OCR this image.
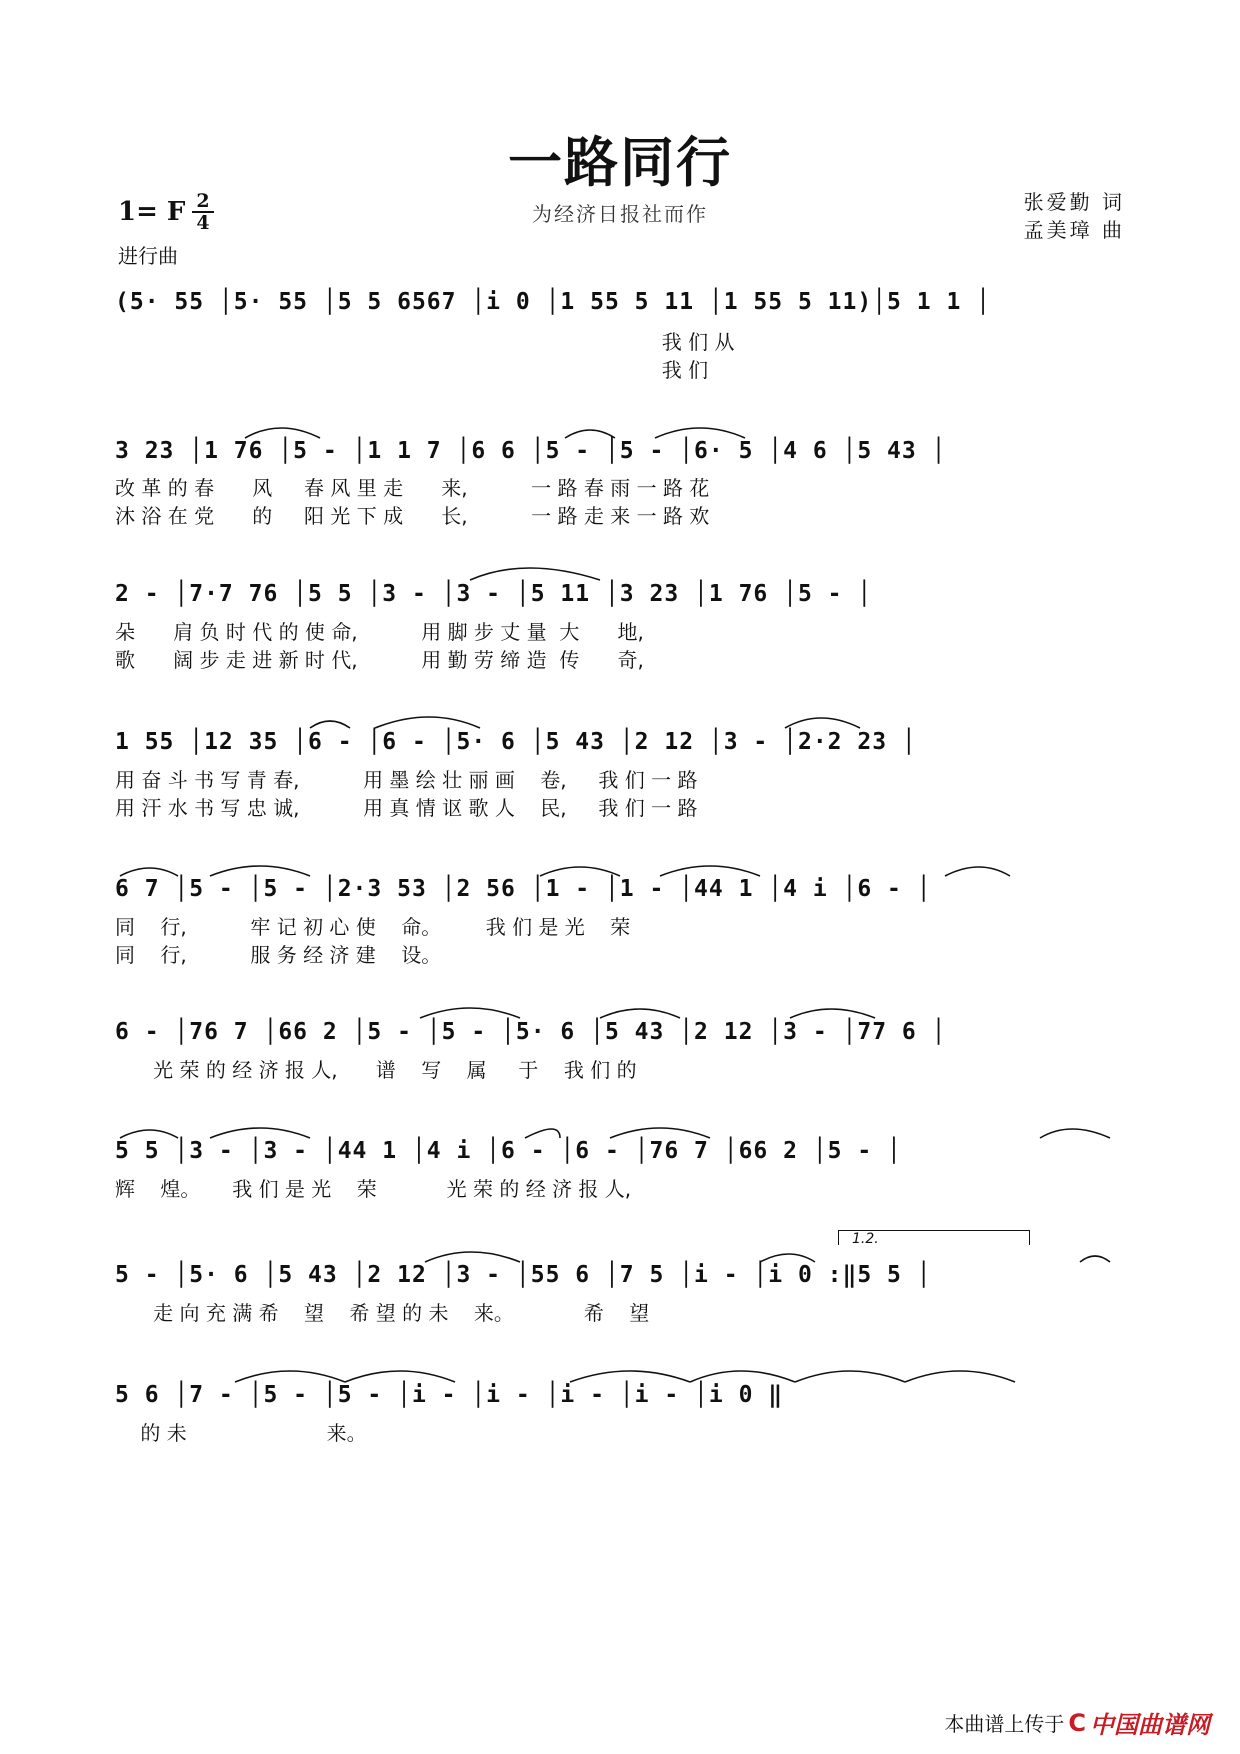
一路同行
为经济日报社而作
1= F 2
4
进行曲
张爱勤 词
孟美璋 曲
(5· 55 │5· 55 │5 5 6567 │i 0 │1 55 5 11 │1 55 5 11)│5 1 1 │
我 们 从
我 们
3 23 │1 76 │5 - │1 1 7 │6 6 │5 - │5 - │6· 5 │4 6 │5 43 │
改 革 的 春      风     春 风 里 走      来,          一 路 春 雨 一 路 花
沐 浴 在 党      的     阳 光 下 成      长,          一 路 走 来 一 路 欢
2 - │7·7 76 │5 5 │3 - │3 - │5 11 │3 23 │1 76 │5 - │
朵      肩 负 时 代 的 使 命,          用 脚 步 丈 量  大      地,
歌      阔 步 走 进 新 时 代,          用 勤 劳 缔 造  传      奇,
1 55 │12 35 │6 - │6 - │5· 6 │5 43 │2 12 │3 - │2·2 23 │
用 奋 斗 书 写 青 春,          用 墨 绘 壮 丽 画    卷,     我 们 一 路
用 汗 水 书 写 忠 诚,          用 真 情 讴 歌 人    民,     我 们 一 路
6 7 │5 - │5 - │2·3 53 │2 56 │1 - │1 - │44 1 │4 i │6 - │
同    行,          牢 记 初 心 使    命。       我 们 是 光    荣
同    行,          服 务 经 济 建    设。
6 - │76 7 │66 2 │5 - │5 - │5· 6 │5 43 │2 12 │3 - │77 6 │
光 荣 的 经 济 报 人,      谱    写    属     于    我 们 的
5 5 │3 - │3 - │44 1 │4 i │6 - │6 - │76 7 │66 2 │5 - │
辉    煌。     我 们 是 光    荣           光 荣 的 经 济 报 人,
1.2.
5 - │5· 6 │5 43 │2 12 │3 - │55 6 │7 5 │i - │i 0 :‖5 5 │
走 向 充 满 希    望    希 望 的 未    来。           希    望
5 6 │7 - │5 - │5 - │i - │i - │i - │i - │i 0 ‖
的 未                      来。
本曲谱上传于 C 中国曲谱网
